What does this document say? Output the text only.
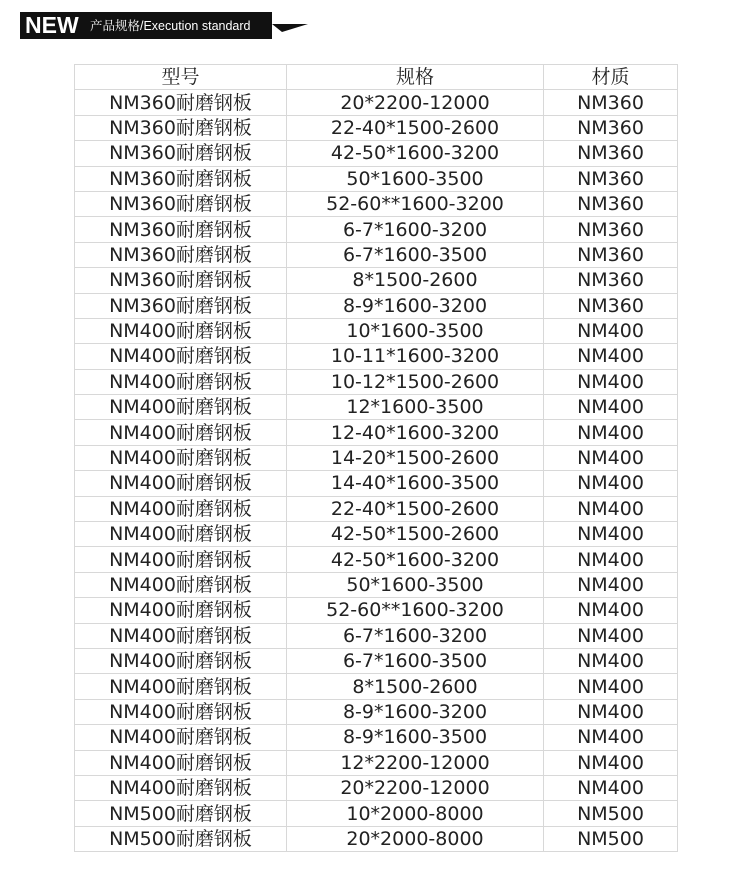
NEW 产品规格/Execution standard
型号	规格	材质
NM360耐磨钢板	20*2200-12000	NM360
NM360耐磨钢板	22-40*1500-2600	NM360
NM360耐磨钢板	42-50*1600-3200	NM360
NM360耐磨钢板	50*1600-3500	NM360
NM360耐磨钢板	52-60**1600-3200	NM360
NM360耐磨钢板	6-7*1600-3200	NM360
NM360耐磨钢板	6-7*1600-3500	NM360
NM360耐磨钢板	8*1500-2600	NM360
NM360耐磨钢板	8-9*1600-3200	NM360
NM400耐磨钢板	10*1600-3500	NM400
NM400耐磨钢板	10-11*1600-3200	NM400
NM400耐磨钢板	10-12*1500-2600	NM400
NM400耐磨钢板	12*1600-3500	NM400
NM400耐磨钢板	12-40*1600-3200	NM400
NM400耐磨钢板	14-20*1500-2600	NM400
NM400耐磨钢板	14-40*1600-3500	NM400
NM400耐磨钢板	22-40*1500-2600	NM400
NM400耐磨钢板	42-50*1500-2600	NM400
NM400耐磨钢板	42-50*1600-3200	NM400
NM400耐磨钢板	50*1600-3500	NM400
NM400耐磨钢板	52-60**1600-3200	NM400
NM400耐磨钢板	6-7*1600-3200	NM400
NM400耐磨钢板	6-7*1600-3500	NM400
NM400耐磨钢板	8*1500-2600	NM400
NM400耐磨钢板	8-9*1600-3200	NM400
NM400耐磨钢板	8-9*1600-3500	NM400
NM400耐磨钢板	12*2200-12000	NM400
NM400耐磨钢板	20*2200-12000	NM400
NM500耐磨钢板	10*2000-8000	NM500
NM500耐磨钢板	20*2000-8000	NM500
